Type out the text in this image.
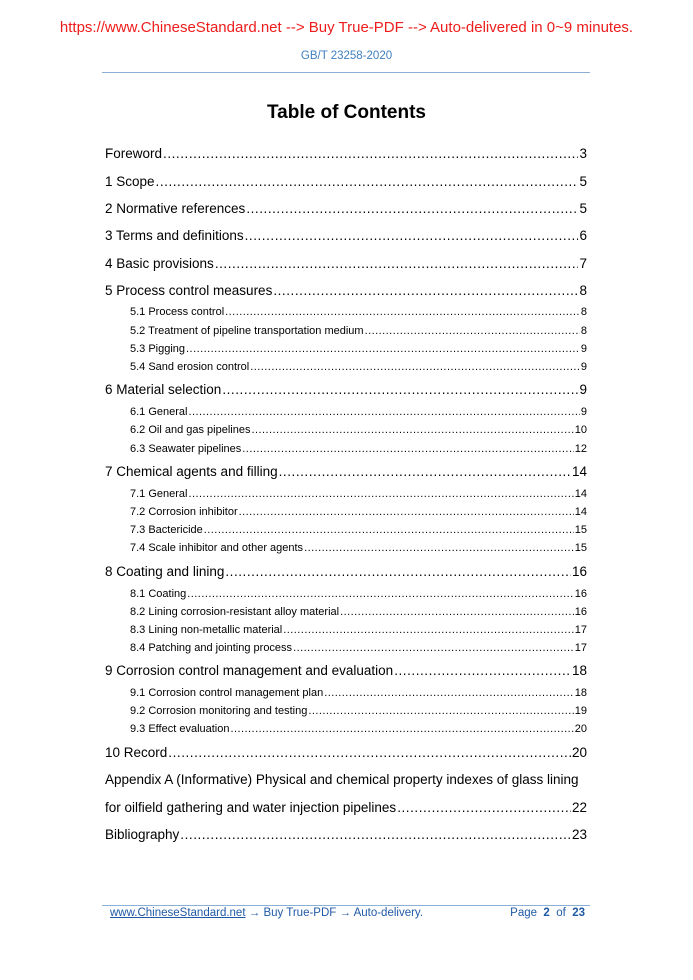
https://www.ChineseStandard.net --> Buy True-PDF --> Auto-delivered in 0~9 minutes.
GB/T 23258-2020
Table of Contents
Foreword . . .	3
1 Scope . . .	5
2 Normative references . . .	5
3 Terms and definitions . . .	6
4 Basic provisions . . .	7
5 Process control measures . . .	8
5.1 Process control . . .	8
5.2 Treatment of pipeline transportation medium . . .	8
5.3 Pigging . . .	9
5.4 Sand erosion control . . .	9
6 Material selection . . .	9
6.1 General . . .	9
6.2 Oil and gas pipelines . . .	10
6.3 Seawater pipelines . . .	12
7 Chemical agents and filling . . .	14
7.1 General . . .	14
7.2 Corrosion inhibitor . . .	14
7.3 Bactericide . . .	15
7.4 Scale inhibitor and other agents . . .	15
8 Coating and lining . . .	16
8.1 Coating . . .	16
8.2 Lining corrosion-resistant alloy material . . .	16
8.3 Lining non-metallic material . . .	17
8.4 Patching and jointing process . . .	17
9 Corrosion control management and evaluation . . .	18
9.1 Corrosion control management plan . . .	18
9.2 Corrosion monitoring and testing . . .	19
9.3 Effect evaluation . . .	20
10 Record . . .	20
Appendix A (Informative) Physical and chemical property indexes of glass lining
for oilfield gathering and water injection pipelines . . .	22
Bibliography . . .	23
www.ChineseStandard.net → Buy True-PDF → Auto-delivery.	Page 2 of 23
